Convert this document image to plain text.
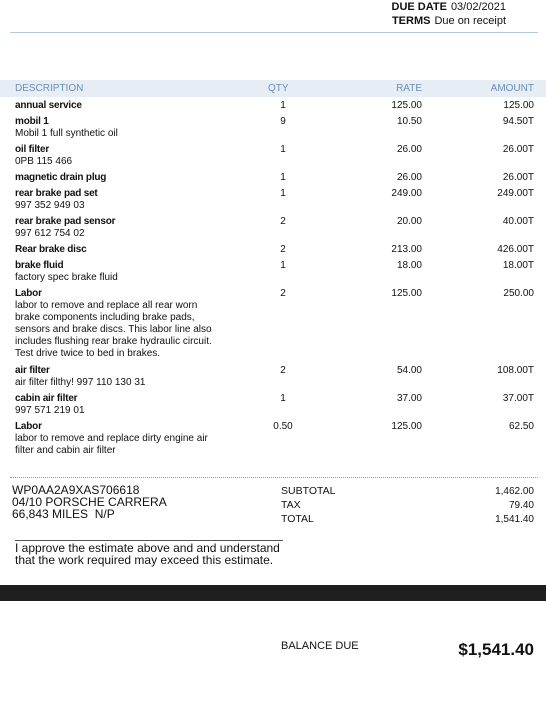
DUE DATE 03/02/2021
TERMS Due on receipt
DESCRIPTION	QTY	RATE	AMOUNT
annual service	1	125.00	125.00
mobil 1
Mobil 1 full synthetic oil
9	10.50	94.50T
oil filter
0PB 115 466
1	26.00	26.00T
magnetic drain plug	1	26.00	26.00T
rear brake pad set
997 352 949 03
1	249.00	249.00T
rear brake pad sensor
997 612 754 02
2	20.00	40.00T
Rear brake disc	2	213.00	426.00T
brake fluid
factory spec brake fluid
1	18.00	18.00T
Labor
labor to remove and replace all rear worn
brake components including brake pads,
sensors and brake discs. This labor line also
includes flushing rear brake hydraulic circuit.
Test drive twice to bed in brakes.
2	125.00	250.00
air filter
air filter filthy! 997 110 130 31
2	54.00	108.00T
cabin air filter
997 571 219 01
1	37.00	37.00T
Labor
labor to remove and replace dirty engine air
filter and cabin air filter
0.50	125.00	62.50
WP0AA2A9XAS706618
04/10 PORSCHE CARRERA
66,843 MILES  N/P
SUBTOTAL	1,462.00
TAX	79.40
TOTAL	1,541.40
I approve the estimate above and and understand
that the work required may exceed this estimate.
BALANCE DUE	$1,541.40
